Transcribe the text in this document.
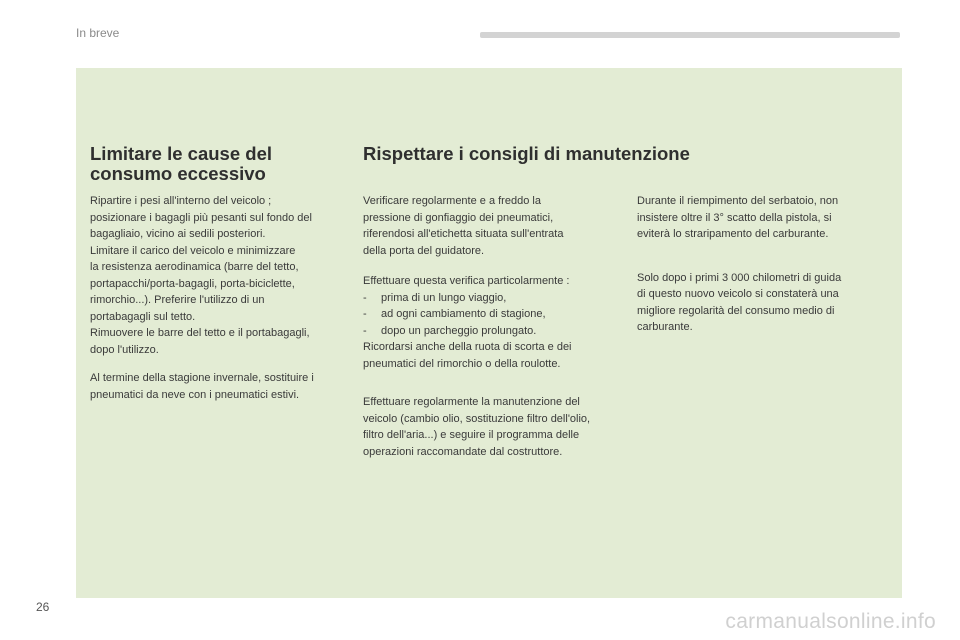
In breve
Limitare le cause del
consumo eccessivo

Ripartire i pesi all'interno del veicolo ;
posizionare i bagagli più pesanti sul fondo del
bagagliaio, vicino ai sedili posteriori.
Limitare il carico del veicolo e minimizzare
la resistenza aerodinamica (barre del tetto,
portapacchi/porta-bagagli, porta-biciclette,
rimorchio...). Preferire l'utilizzo di un
portabagagli sul tetto.
Rimuovere le barre del tetto e il portabagagli,
dopo l'utilizzo.

Al termine della stagione invernale, sostituire i
pneumatici da neve con i pneumatici estivi.

Rispettare i consigli di manutenzione

Verificare regolarmente e a freddo la
pressione di gonfiaggio dei pneumatici,
riferendosi all'etichetta situata sull'entrata
della porta del guidatore.

Effettuare questa verifica particolarmente :
- prima di un lungo viaggio,
- ad ogni cambiamento di stagione,
- dopo un parcheggio prolungato.
Ricordarsi anche della ruota di scorta e dei
pneumatici del rimorchio o della roulotte.

Effettuare regolarmente la manutenzione del
veicolo (cambio olio, sostituzione filtro dell'olio,
filtro dell'aria...) e seguire il programma delle
operazioni raccomandate dal costruttore.

Durante il riempimento del serbatoio, non
insistere oltre il 3° scatto della pistola, si
eviterà lo straripamento del carburante.

Solo dopo i primi 3 000 chilometri di guida
di questo nuovo veicolo si constaterà una
migliore regolarità del consumo medio di
carburante.

26
carmanualsonline.info
